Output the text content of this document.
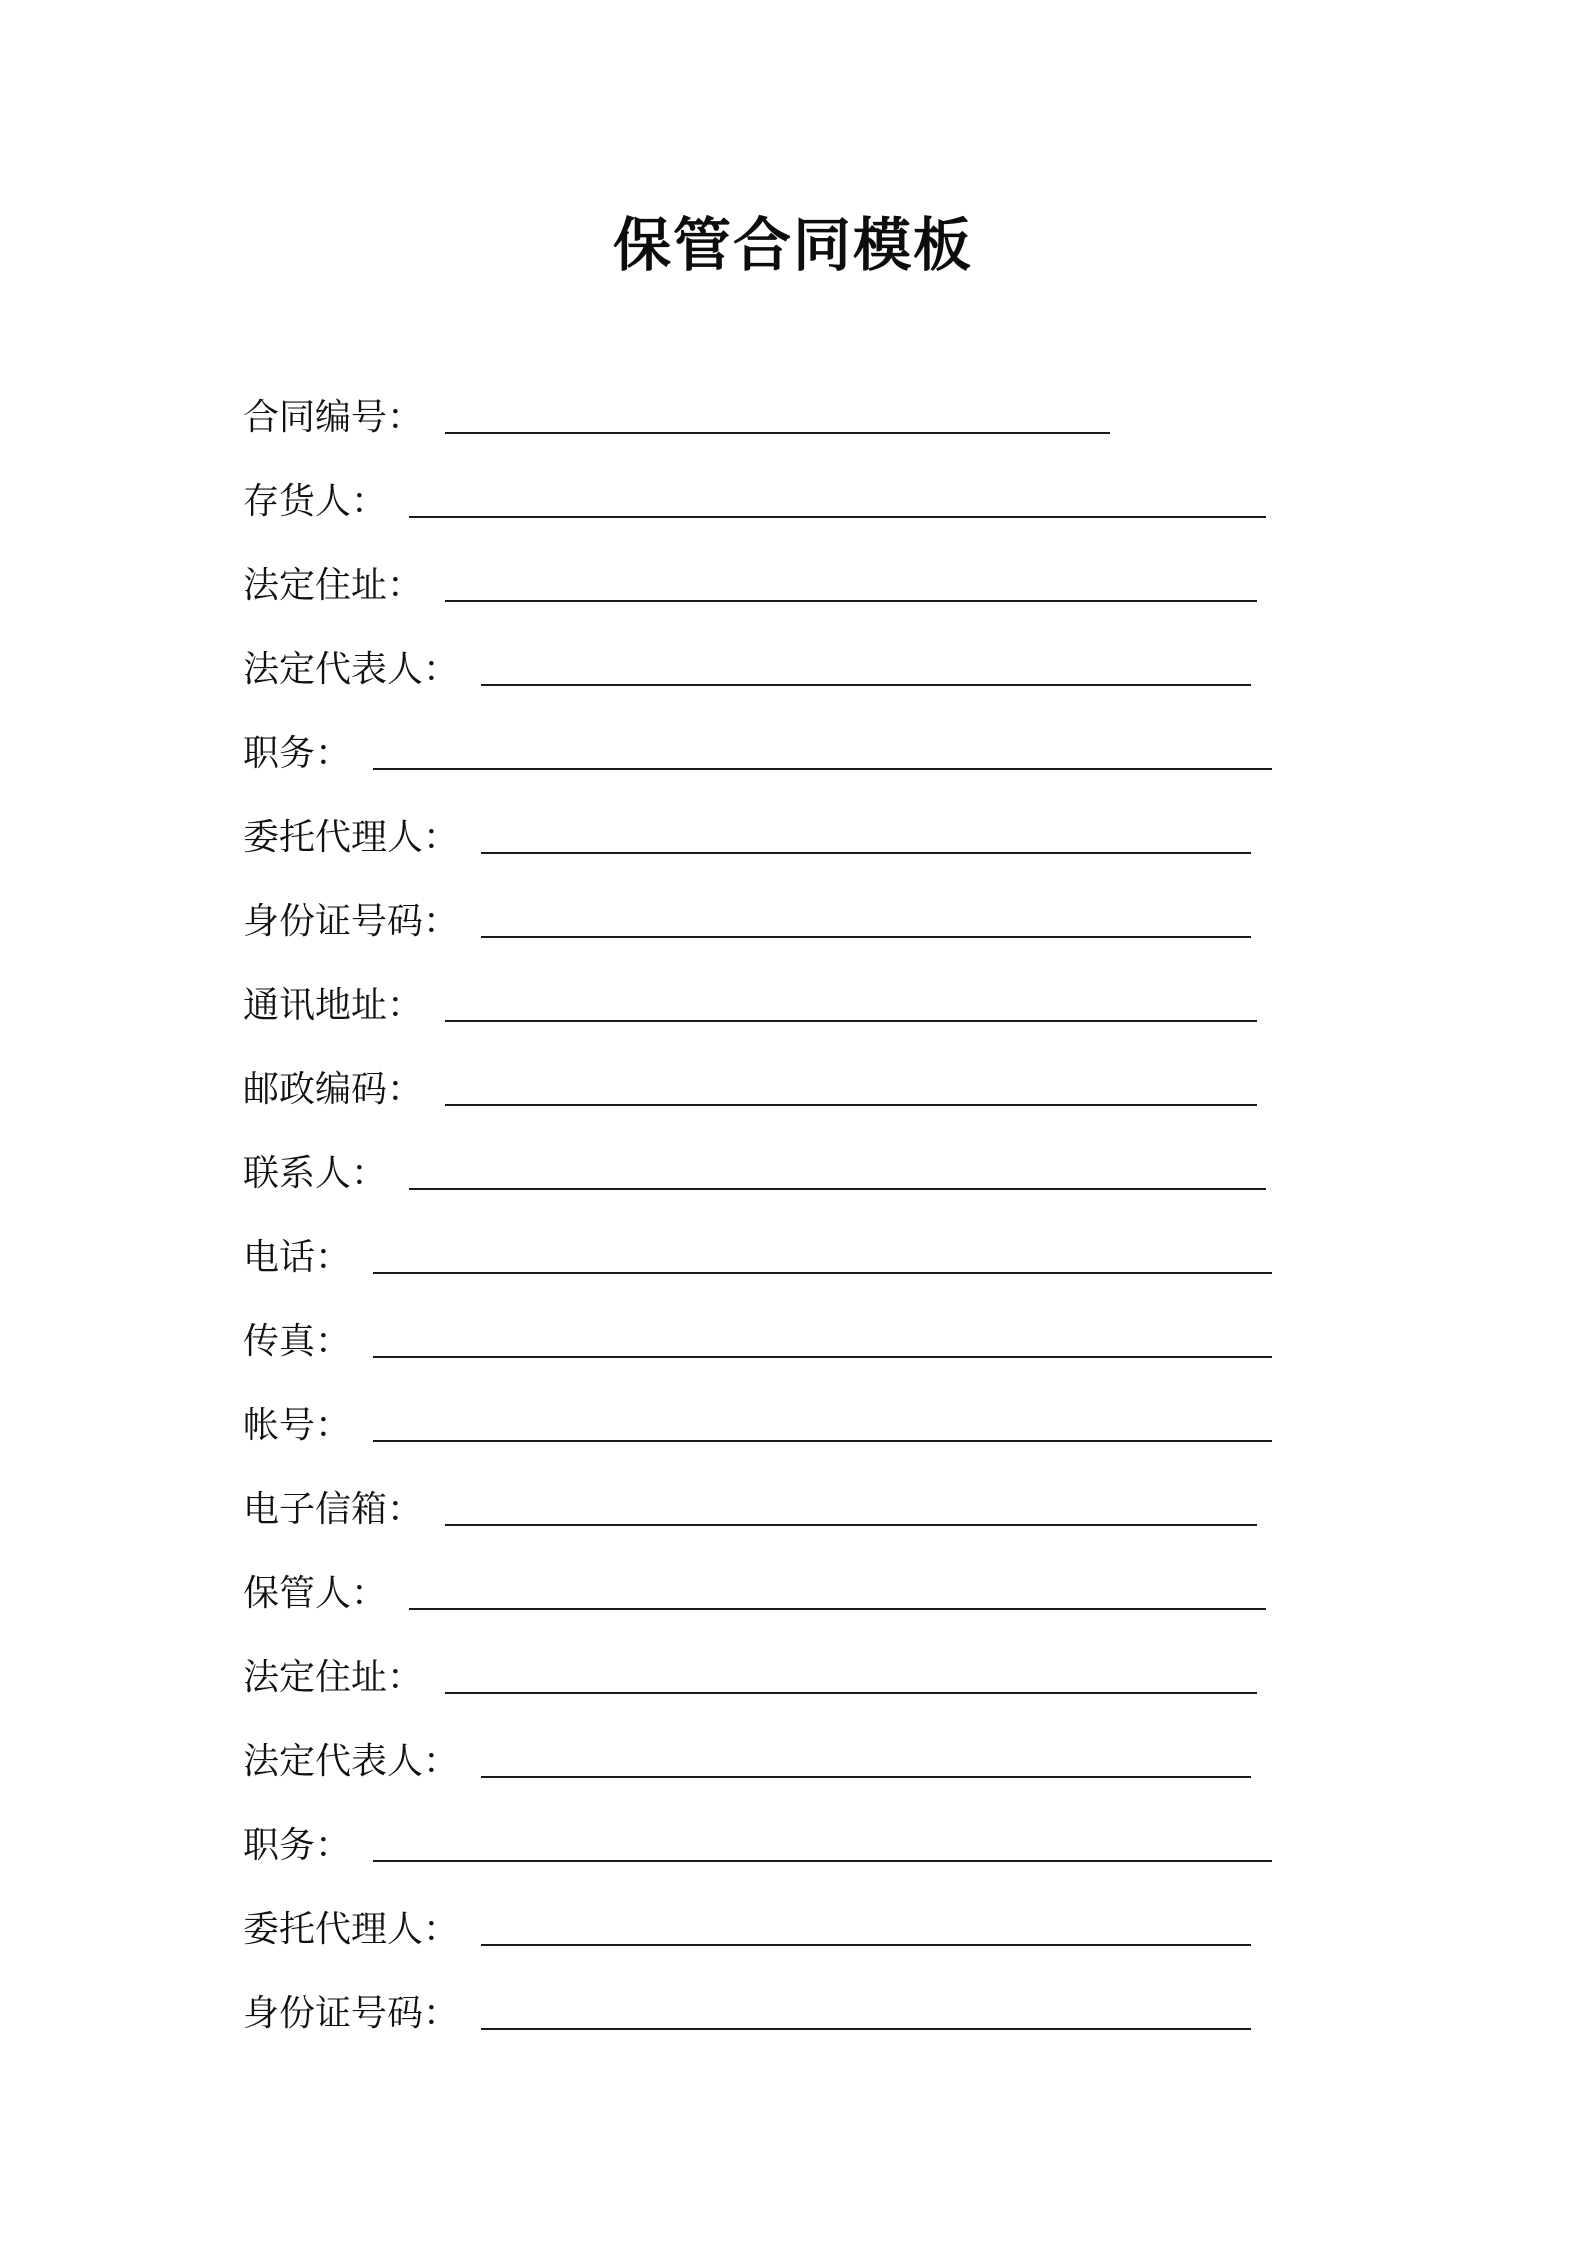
保管合同模板
合同编号：
存货人：
法定住址：
法定代表人：
职务：
委托代理人：
身份证号码：
通讯地址：
邮政编码：
联系人：
电话：
传真：
帐号：
电子信箱：
保管人：
法定住址：
法定代表人：
职务：
委托代理人：
身份证号码：
